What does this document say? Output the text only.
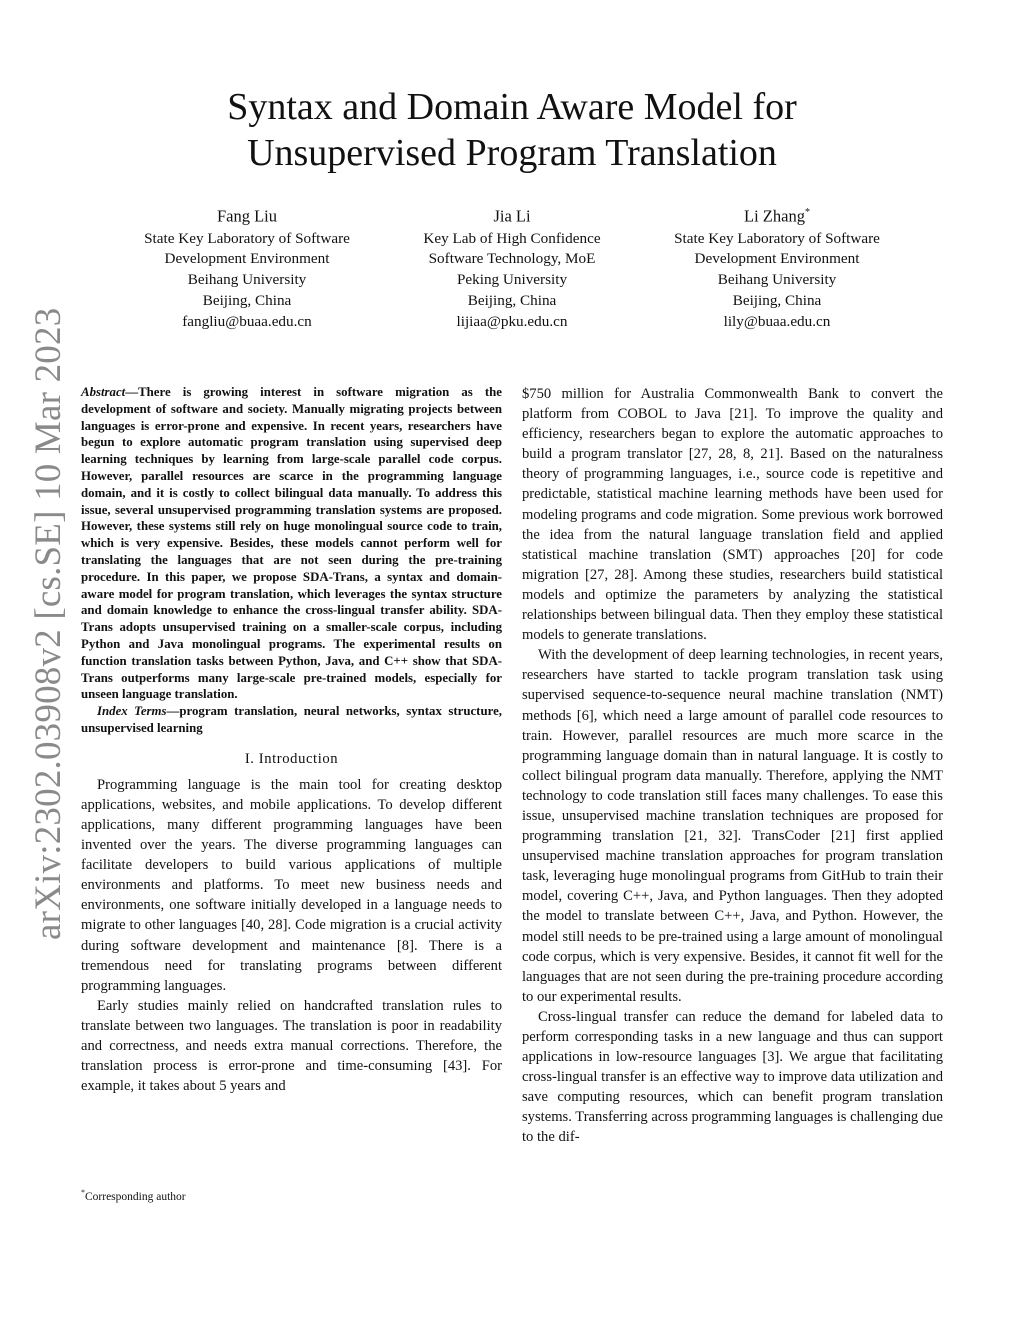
arXiv:2302.03908v2 [cs.SE] 10 Mar 2023
Syntax and Domain Aware Model for
Unsupervised Program Translation
Fang Liu
State Key Laboratory of Software
Development Environment
Beihang University
Beijing, China
fangliu@buaa.edu.cn
Jia Li
Key Lab of High Confidence
Software Technology, MoE
Peking University
Beijing, China
lijiaa@pku.edu.cn
Li Zhang*
State Key Laboratory of Software
Development Environment
Beihang University
Beijing, China
lily@buaa.edu.cn

Abstract—There is growing interest in software migration as the development of software and society. Manually migrating projects between languages is error-prone and expensive. In recent years, researchers have begun to explore automatic program translation using supervised deep learning techniques by learning from large-scale parallel code corpus. However, parallel resources are scarce in the programming language domain, and it is costly to collect bilingual data manually. To address this issue, several unsupervised programming translation systems are proposed. However, these systems still rely on huge monolingual source code to train, which is very expensive. Besides, these models cannot perform well for translating the languages that are not seen during the pre-training procedure. In this paper, we propose SDA-Trans, a syntax and domain-aware model for program translation, which leverages the syntax structure and domain knowledge to enhance the cross-lingual transfer ability. SDA-Trans adopts unsupervised training on a smaller-scale corpus, including Python and Java monolingual programs. The experimental results on function translation tasks between Python, Java, and C++ show that SDA-Trans outperforms many large-scale pre-trained models, especially for unseen language translation.

Index Terms—program translation, neural networks, syntax structure, unsupervised learning

I. Introduction

Programming language is the main tool for creating desktop applications, websites, and mobile applications. To develop different applications, many different programming languages have been invented over the years. The diverse programming languages can facilitate developers to build various applications of multiple environments and platforms. To meet new business needs and environments, one software initially developed in a language needs to migrate to other languages [40, 28]. Code migration is a crucial activity during software development and maintenance [8]. There is a tremendous need for translating programs between different programming languages.

Early studies mainly relied on handcrafted translation rules to translate between two languages. The translation is poor in readability and correctness, and needs extra manual corrections. Therefore, the translation process is error-prone and time-consuming [43]. For example, it takes about 5 years and

$750 million for Australia Commonwealth Bank to convert the platform from COBOL to Java [21]. To improve the quality and efficiency, researchers began to explore the automatic approaches to build a program translator [27, 28, 8, 21]. Based on the naturalness theory of programming languages, i.e., source code is repetitive and predictable, statistical machine learning methods have been used for modeling programs and code migration. Some previous work borrowed the idea from the natural language translation field and applied statistical machine translation (SMT) approaches [20] for code migration [27, 28]. Among these studies, researchers build statistical models and optimize the parameters by analyzing the statistical relationships between bilingual data. Then they employ these statistical models to generate translations.

With the development of deep learning technologies, in recent years, researchers have started to tackle program translation task using supervised sequence-to-sequence neural machine translation (NMT) methods [6], which need a large amount of parallel code resources to train. However, parallel resources are much more scarce in the programming language domain than in natural language. It is costly to collect bilingual program data manually. Therefore, applying the NMT technology to code translation still faces many challenges. To ease this issue, unsupervised machine translation techniques are proposed for programming translation [21, 32]. TransCoder [21] first applied unsupervised machine translation approaches for program translation task, leveraging huge monolingual programs from GitHub to train their model, covering C++, Java, and Python languages. Then they adopted the model to translate between C++, Java, and Python. However, the model still needs to be pre-trained using a large amount of monolingual code corpus, which is very expensive. Besides, it cannot fit well for the languages that are not seen during the pre-training procedure according to our experimental results.

Cross-lingual transfer can reduce the demand for labeled data to perform corresponding tasks in a new language and thus can support applications in low-resource languages [3]. We argue that facilitating cross-lingual transfer is an effective way to improve data utilization and save computing resources, which can benefit program translation systems. Transferring across programming languages is challenging due to the dif-

*Corresponding author
